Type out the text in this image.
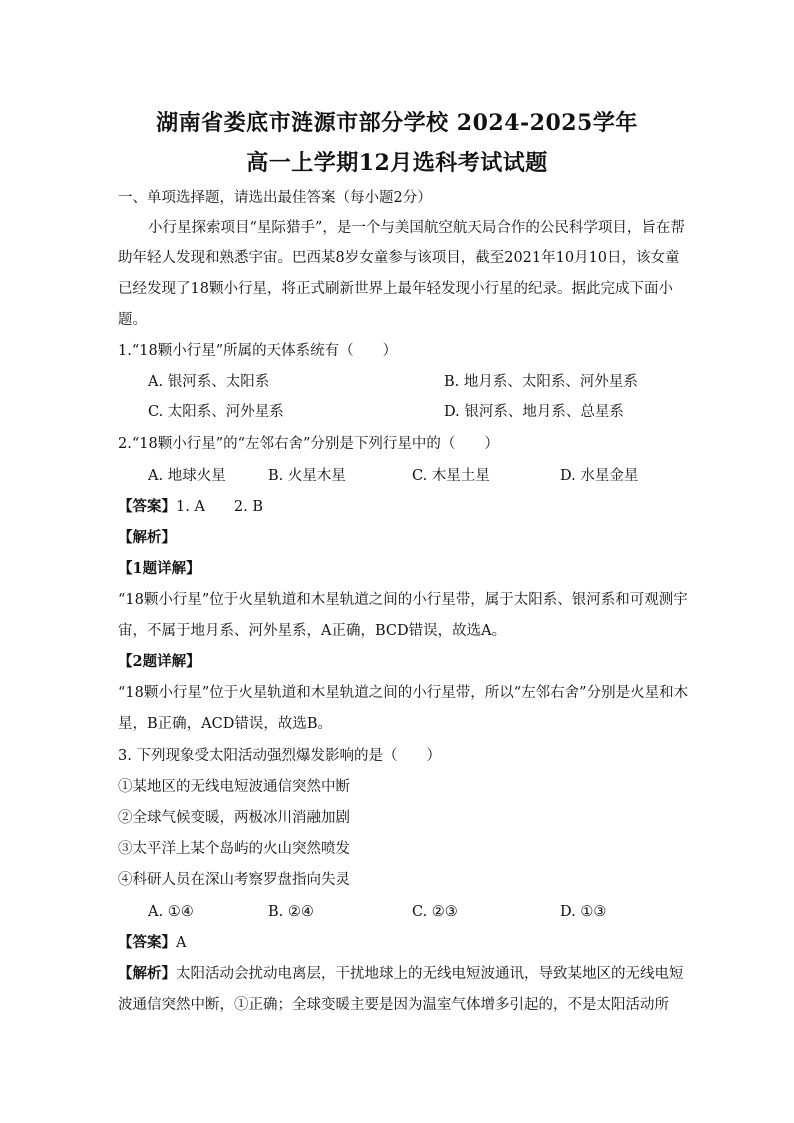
湖南省娄底市涟源市部分学校 2024-2025学年
高一上学期12月选科考试试题
一、单项选择题，请选出最佳答案（每小题2分）
小行星探索项目“星际猎手”，是一个与美国航空航天局合作的公民科学项目，旨在帮
助年轻人发现和熟悉宇宙。巴西某8岁女童参与该项目，截至2021年10月10日，该女童
已经发现了18颗小行星，将正式刷新世界上最年轻发现小行星的纪录。据此完成下面小
题。
1.“18颗小行星”所属的天体系统有（　　）
A. 银河系、太阳系	B. 地月系、太阳系、河外星系
C. 太阳系、河外星系	D. 银河系、地月系、总星系
2.“18颗小行星”的“左邻右舍”分别是下列行星中的（　　）
A. 地球火星	B. 火星木星	C. 木星土星	D. 水星金星
【答案】1. A　　2. B
【解析】
【1题详解】
“18颗小行星”位于火星轨道和木星轨道之间的小行星带，属于太阳系、银河系和可观测宇
宙，不属于地月系、河外星系，A正确，BCD错误，故选A。
【2题详解】
“18颗小行星”位于火星轨道和木星轨道之间的小行星带，所以“左邻右舍”分别是火星和木
星，B正确，ACD错误，故选B。
3. 下列现象受太阳活动强烈爆发影响的是（　　）
①某地区的无线电短波通信突然中断
②全球气候变暖，两极冰川消融加剧
③太平洋上某个岛屿的火山突然喷发
④科研人员在深山考察罗盘指向失灵
A. ①④	B. ②④	C. ②③	D. ①③
【答案】A
【解析】太阳活动会扰动电离层，干扰地球上的无线电短波通讯，导致某地区的无线电短
波通信突然中断，①正确；全球变暖主要是因为温室气体增多引起的，不是太阳活动所
